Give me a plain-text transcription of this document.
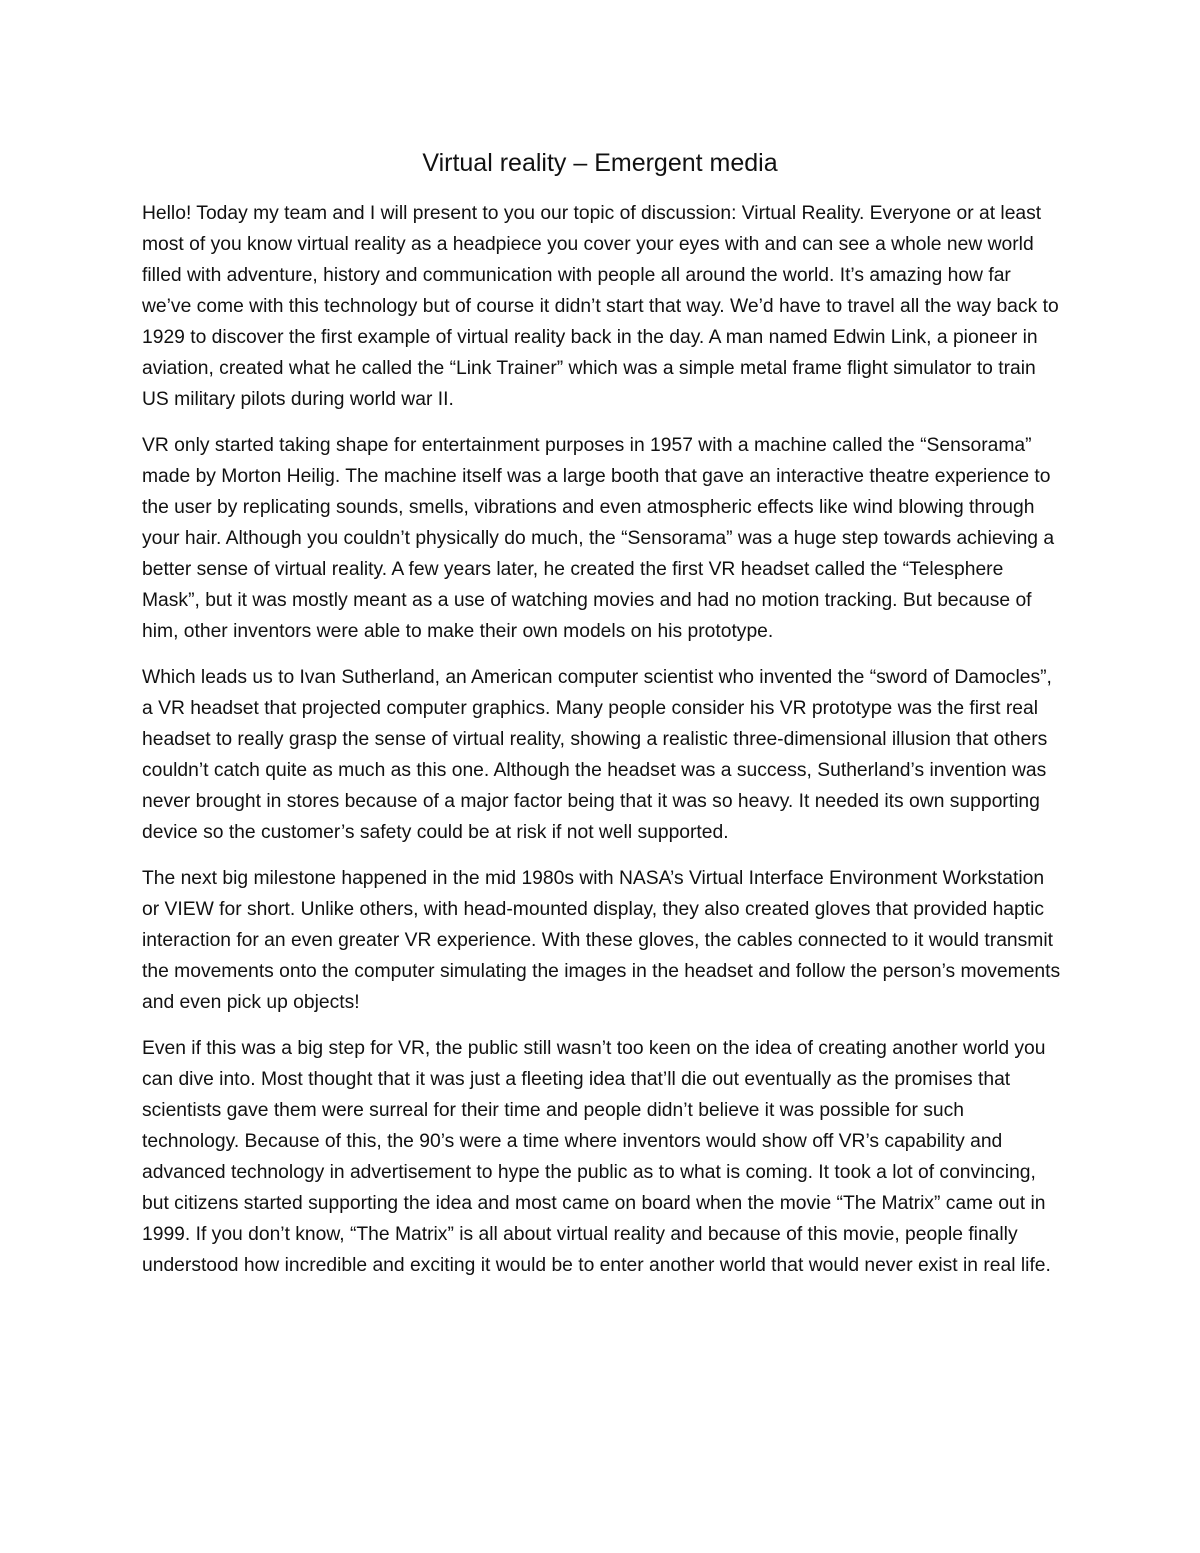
Virtual reality – Emergent media

Hello! Today my team and I will present to you our topic of discussion: Virtual Reality. Everyone or at least most of you know virtual reality as a headpiece you cover your eyes with and can see a whole new world filled with adventure, history and communication with people all around the world. It’s amazing how far we’ve come with this technology but of course it didn’t start that way. We’d have to travel all the way back to 1929 to discover the first example of virtual reality back in the day. A man named Edwin Link, a pioneer in aviation, created what he called the “Link Trainer” which was a simple metal frame flight simulator to train US military pilots during world war II.

VR only started taking shape for entertainment purposes in 1957 with a machine called the “Sensorama” made by Morton Heilig. The machine itself was a large booth that gave an interactive theatre experience to the user by replicating sounds, smells, vibrations and even atmospheric effects like wind blowing through your hair. Although you couldn’t physically do much, the “Sensorama” was a huge step towards achieving a better sense of virtual reality. A few years later, he created the first VR headset called the “Telesphere Mask”, but it was mostly meant as a use of watching movies and had no motion tracking. But because of him, other inventors were able to make their own models on his prototype.

Which leads us to Ivan Sutherland, an American computer scientist who invented the “sword of Damocles”, a VR headset that projected computer graphics. Many people consider his VR prototype was the first real headset to really grasp the sense of virtual reality, showing a realistic three-dimensional illusion that others couldn’t catch quite as much as this one. Although the headset was a success, Sutherland’s invention was never brought in stores because of a major factor being that it was so heavy. It needed its own supporting device so the customer’s safety could be at risk if not well supported.

The next big milestone happened in the mid 1980s with NASA’s Virtual Interface Environment Workstation or VIEW for short. Unlike others, with head-mounted display, they also created gloves that provided haptic interaction for an even greater VR experience. With these gloves, the cables connected to it would transmit the movements onto the computer simulating the images in the headset and follow the person’s movements and even pick up objects!

Even if this was a big step for VR, the public still wasn’t too keen on the idea of creating another world you can dive into. Most thought that it was just a fleeting idea that’ll die out eventually as the promises that scientists gave them were surreal for their time and people didn’t believe it was possible for such technology. Because of this, the 90’s were a time where inventors would show off VR’s capability and advanced technology in advertisement to hype the public as to what is coming. It took a lot of convincing, but citizens started supporting the idea and most came on board when the movie “The Matrix” came out in 1999. If you don’t know, “The Matrix” is all about virtual reality and because of this movie, people finally understood how incredible and exciting it would be to enter another world that would never exist in real life.
